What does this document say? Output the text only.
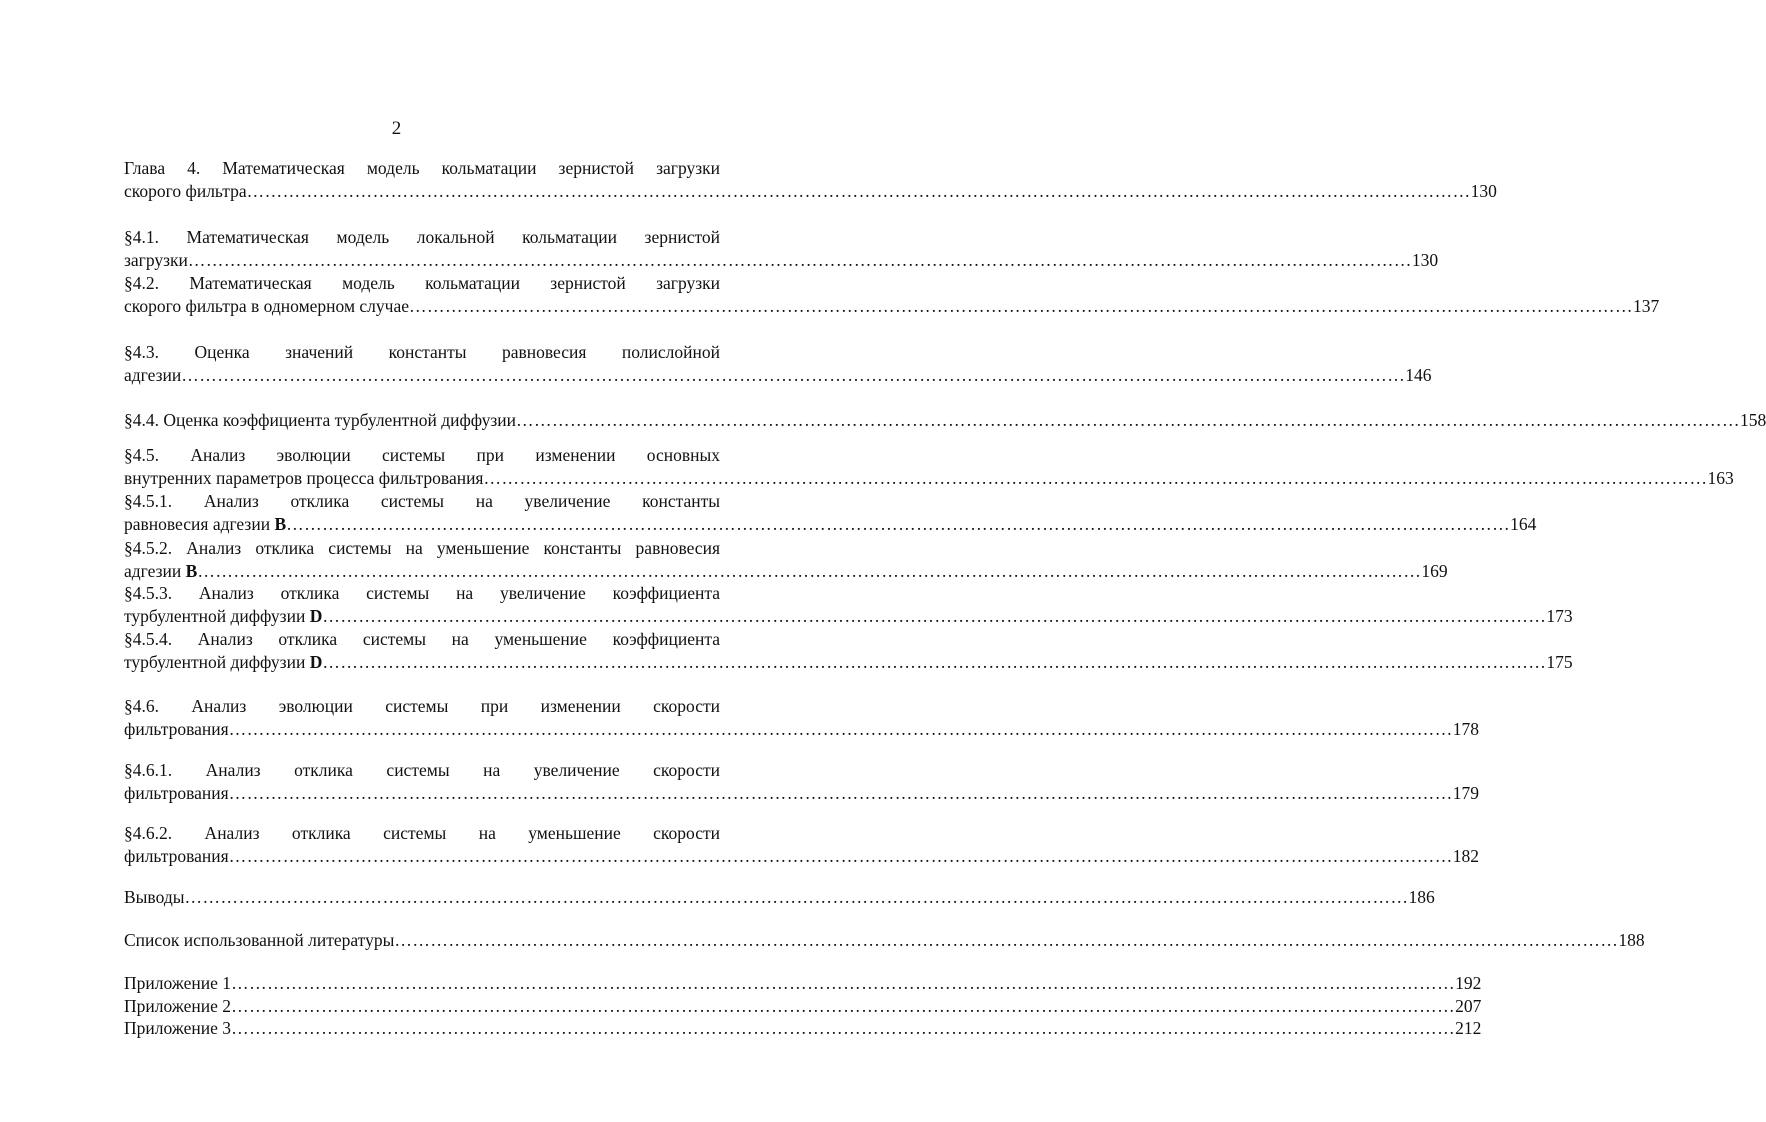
2
Глава 4. Математическая модель кольматации зернистой загрузки
скорого фильтра …………………………………………………………………………………………………………………………………………………………………………………… 130
§4.1. Математическая модель локальной кольматации зернистой
загрузки …………………………………………………………………………………………………………………………………………………………………………………… 130
§4.2. Математическая модель кольматации зернистой загрузки
скорого фильтра в одномерном случае …………………………………………………………………………………………………………………………………………………………………………………… 137
§4.3. Оценка значений константы равновесия полислойной
адгезии …………………………………………………………………………………………………………………………………………………………………………………… 146
§4.4. Оценка коэффициента турбулентной диффузии …………………………………………………………………………………………………………………………………………………………………………………… 158
§4.5. Анализ эволюции системы при изменении основных
внутренних параметров процесса фильтрования …………………………………………………………………………………………………………………………………………………………………………………… 163
§4.5.1. Анализ отклика системы на увеличение константы
равновесия адгезии B …………………………………………………………………………………………………………………………………………………………………………………… 164
§4.5.2. Анализ отклика системы на уменьшение константы равновесия
адгезии B …………………………………………………………………………………………………………………………………………………………………………………… 169
§4.5.3. Анализ отклика системы на увеличение коэффициента
турбулентной диффузии D …………………………………………………………………………………………………………………………………………………………………………………… 173
§4.5.4. Анализ отклика системы на уменьшение коэффициента
турбулентной диффузии D …………………………………………………………………………………………………………………………………………………………………………………… 175
§4.6. Анализ эволюции системы при изменении скорости
фильтрования …………………………………………………………………………………………………………………………………………………………………………………… 178
§4.6.1. Анализ отклика системы на увеличение скорости
фильтрования …………………………………………………………………………………………………………………………………………………………………………………… 179
§4.6.2. Анализ отклика системы на уменьшение скорости
фильтрования …………………………………………………………………………………………………………………………………………………………………………………… 182
Выводы …………………………………………………………………………………………………………………………………………………………………………………… 186
Список использованной литературы …………………………………………………………………………………………………………………………………………………………………………………… 188
Приложение 1 …………………………………………………………………………………………………………………………………………………………………………………… 192
Приложение 2 …………………………………………………………………………………………………………………………………………………………………………………… 207
Приложение 3 …………………………………………………………………………………………………………………………………………………………………………………… 212
